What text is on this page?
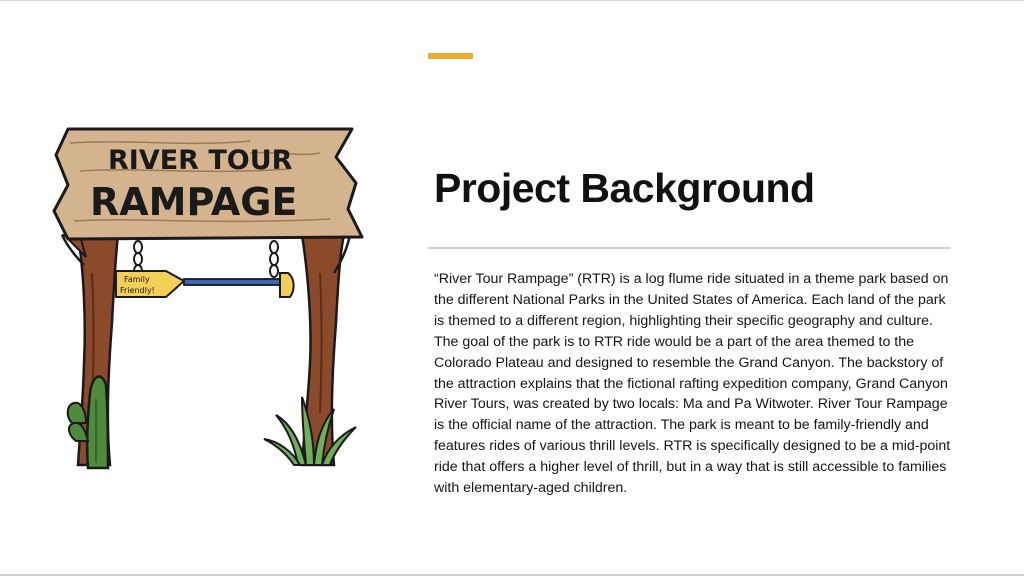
Family
Friendly!
RIVER TOUR
RAMPAGE	Project Background

“River Tour Rampage” (RTR) is a log flume ride situated in a theme park based on the different National Parks in the United States of America. Each land of the park is themed to a different region, highlighting their specific geography and culture. The goal of the park is to RTR ride would be a part of the area themed to the Colorado Plateau and designed to resemble the Grand Canyon. The backstory of the attraction explains that the fictional rafting expedition company, Grand Canyon River Tours, was created by two locals: Ma and Pa Witwoter. River Tour Rampage is the official name of the attraction. The park is meant to be family-friendly and features rides of various thrill levels. RTR is specifically designed to be a mid-point ride that offers a higher level of thrill, but in a way that is still accessible to families with elementary-aged children.
